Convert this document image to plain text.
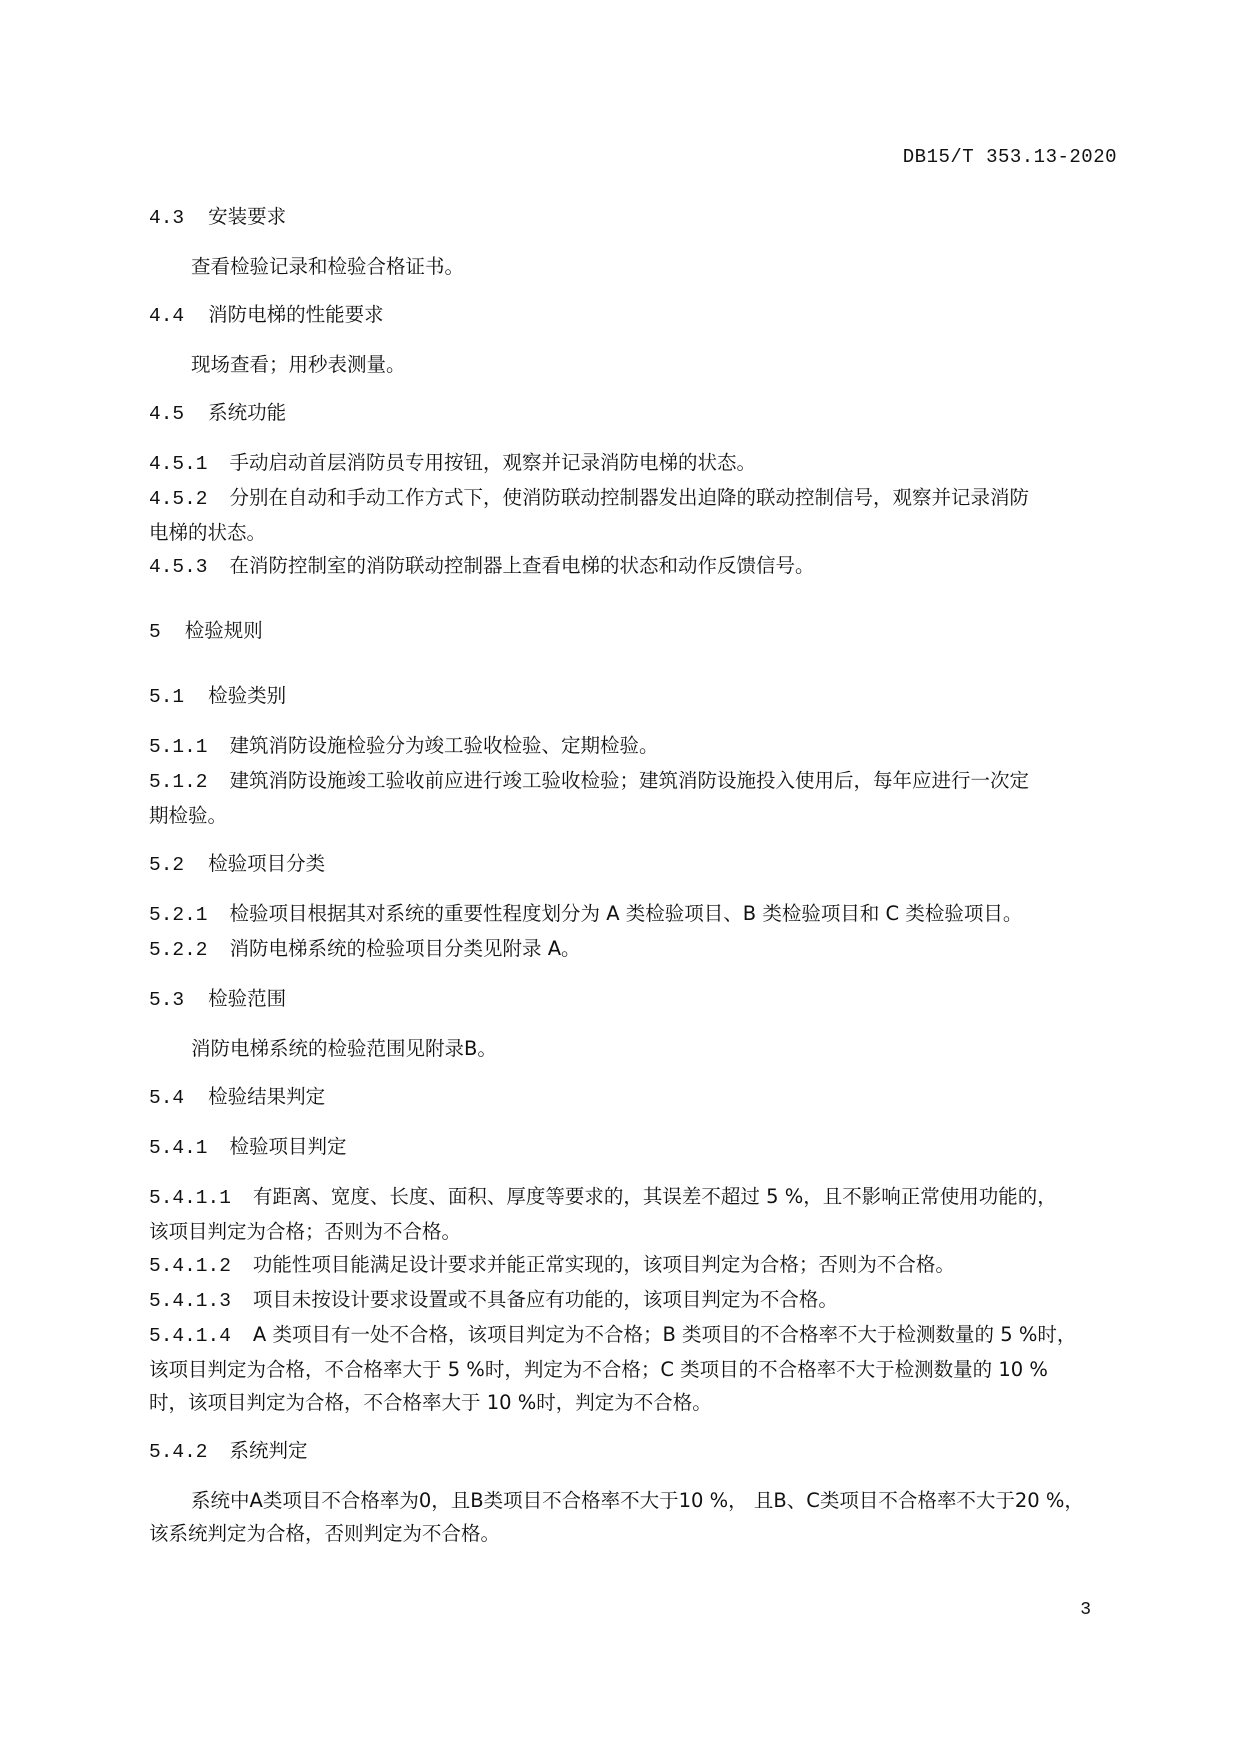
DB15/T 353.13-2020

4.3 安装要求

查看检验记录和检验合格证书。

4.4 消防电梯的性能要求

现场查看；用秒表测量。

4.5 系统功能

4.5.1 手动启动首层消防员专用按钮，观察并记录消防电梯的状态。

4.5.2 分别在自动和手动工作方式下，使消防联动控制器发出迫降的联动控制信号，观察并记录消防

电梯的状态。

4.5.3 在消防控制室的消防联动控制器上查看电梯的状态和动作反馈信号。

5 检验规则

5.1 检验类别

5.1.1 建筑消防设施检验分为竣工验收检验、定期检验。

5.1.2 建筑消防设施竣工验收前应进行竣工验收检验；建筑消防设施投入使用后，每年应进行一次定

期检验。

5.2 检验项目分类

5.2.1 检验项目根据其对系统的重要性程度划分为 A 类检验项目、B 类检验项目和 C 类检验项目。

5.2.2 消防电梯系统的检验项目分类见附录 A。

5.3 检验范围

消防电梯系统的检验范围见附录B。

5.4 检验结果判定

5.4.1 检验项目判定

5.4.1.1 有距离、宽度、长度、面积、厚度等要求的，其误差不超过 5 %，且不影响正常使用功能的，

该项目判定为合格；否则为不合格。

5.4.1.2 功能性项目能满足设计要求并能正常实现的，该项目判定为合格；否则为不合格。

5.4.1.3 项目未按设计要求设置或不具备应有功能的，该项目判定为不合格。

5.4.1.4 A 类项目有一处不合格，该项目判定为不合格；B 类项目的不合格率不大于检测数量的 5 %时，

该项目判定为合格，不合格率大于 5 %时，判定为不合格；C 类项目的不合格率不大于检测数量的 10 %

时，该项目判定为合格，不合格率大于 10 %时，判定为不合格。

5.4.2 系统判定

系统中A类项目不合格率为0，且B类项目不合格率不大于10 %， 且B、C类项目不合格率不大于20 %，

该系统判定为合格，否则判定为不合格。

3
